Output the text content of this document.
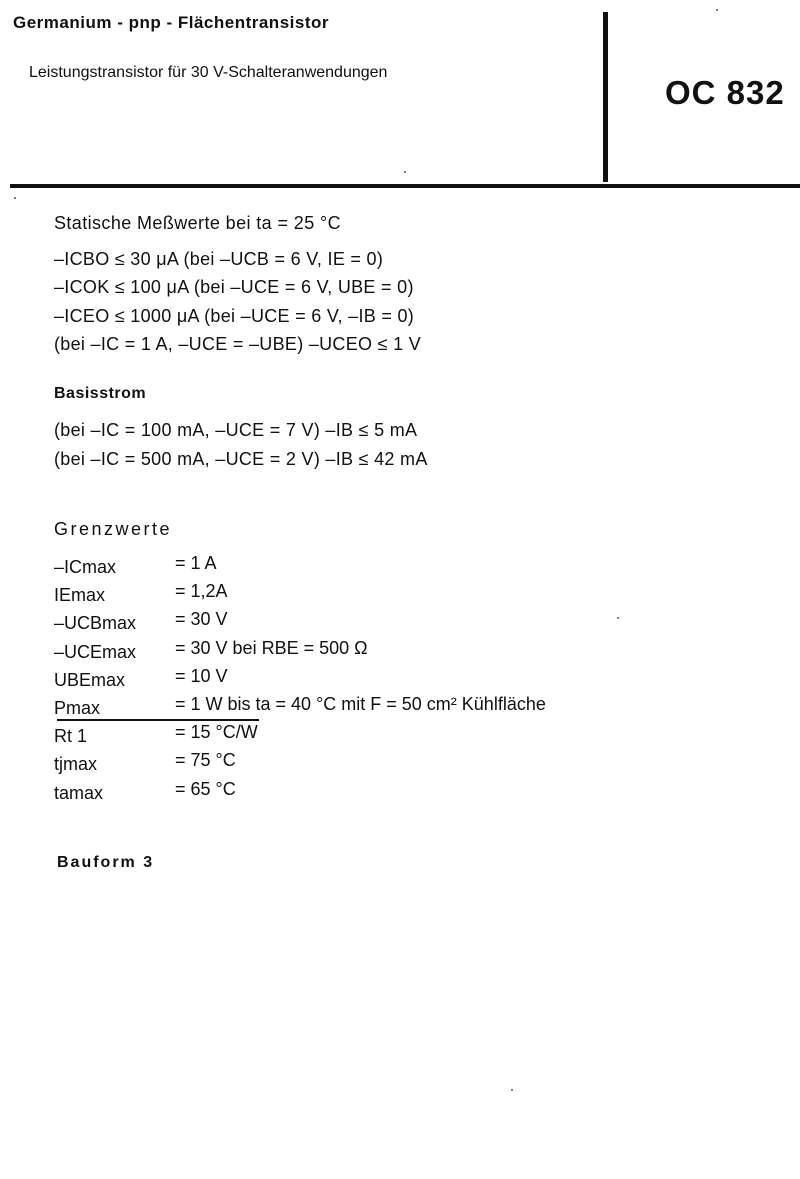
Germanium - pnp - Flächentransistor
Leistungstransistor für 30 V-Schalteranwendungen
OC 832
Statische Meßwerte bei ta = 25 °C
–ICBO ≤ 30 μA (bei –UCB = 6 V, IE = 0)
–ICOK ≤ 100 μA (bei –UCE = 6 V, UBE = 0)
–ICEO ≤ 1000 μA (bei –UCE = 6 V, –IB = 0)
(bei –IC = 1 A, –UCE = –UBE) –UCEO ≤ 1 V
Basisstrom
(bei –IC = 100 mA, –UCE = 7 V) –IB ≤ 5 mA
(bei –IC = 500 mA, –UCE = 2 V) –IB ≤ 42 mA
Grenzwerte
–ICmax	= 1 A
IEmax	= 1,2A
–UCBmax = 30 V
–UCEmax = 30 V bei RBE = 500 Ω
UBEmax	= 10 V
Pmax	= 1 W bis ta = 40 °C mit F = 50 cm² Kühlfläche
Rt 1	= 15 °C/W
tjmax	= 75 °C
tamax	= 65 °C
Bauform 3
